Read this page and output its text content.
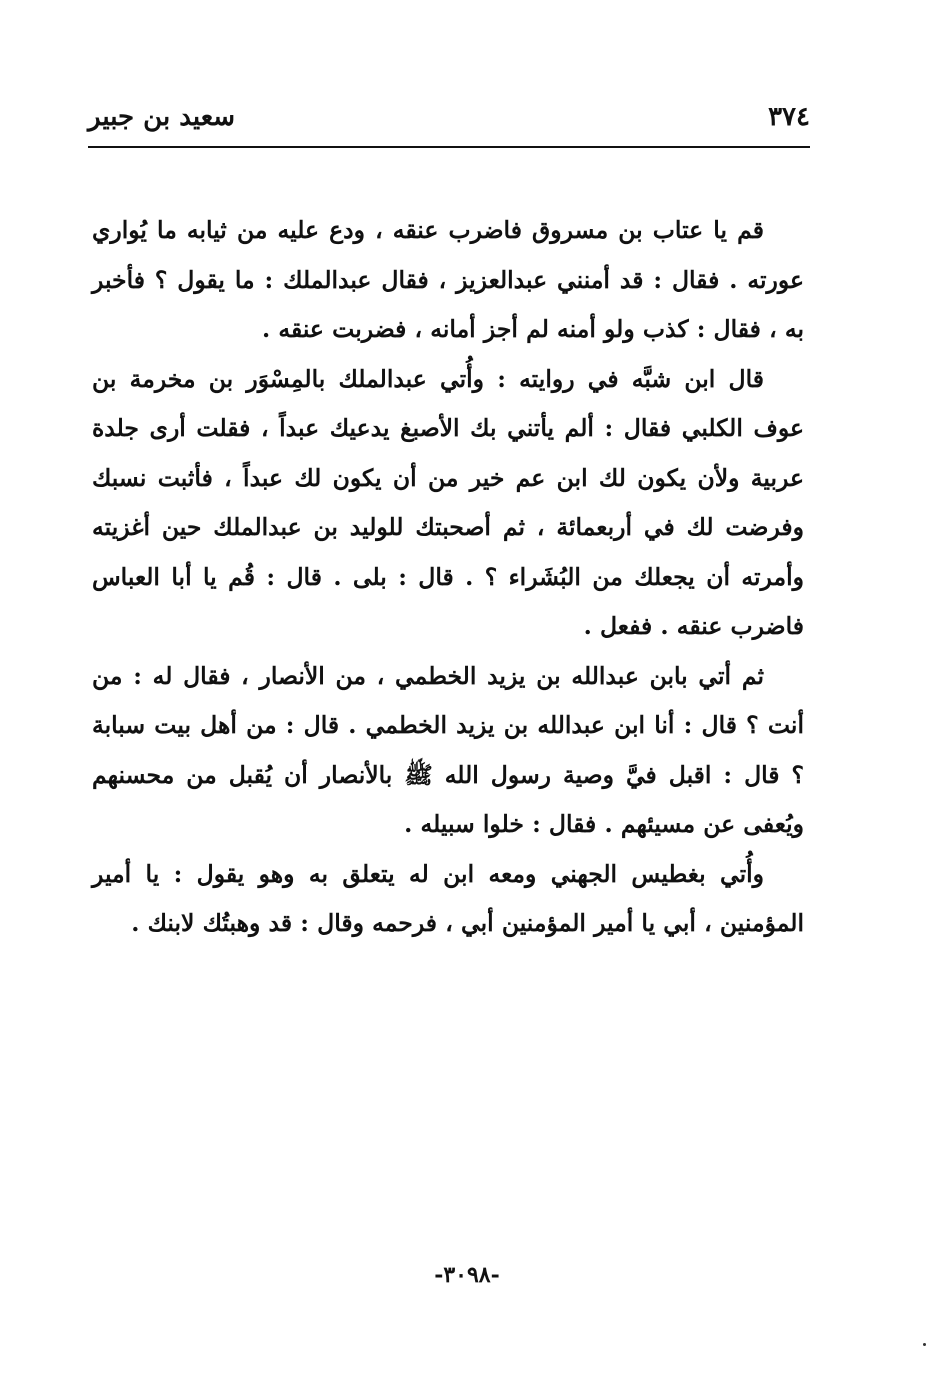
٣٧٤
سعيد بن جبير

قم يا عتاب بن مسروق فاضرب عنقه ، ودع عليه من ثيابه ما يُواري عورته . فقال : قد أمنني عبدالعزيز ، فقال عبدالملك : ما يقول ؟ فأخبر به ، فقال : كذب ولو أمنه لم أجز أمانه ، فضربت عنقه .

قال ابن شبَّه في روايته : وأُتي عبدالملك بالمِسْوَر بن مخرمة بن عوف الكلبي فقال : ألم يأتني بك الأصبغ يدعيك عبداً ، فقلت أرى جلدة عربية ولأن يكون لك ابن عم خير من أن يكون لك عبداً ، فأثبت نسبك وفرضت لك في أربعمائة ، ثم أصحبتك للوليد بن عبدالملك حين أغزيته وأمرته أن يجعلك من البُشَراء ؟ . قال : بلى . قال : قُم يا أبا العباس فاضرب عنقه . ففعل .

ثم أتي بابن عبدالله بن يزيد الخطمي ، من الأنصار ، فقال له : من أنت ؟ قال : أنا ابن عبدالله بن يزيد الخطمي . قال : من أهل بيت سبابة ؟ قال : اقبل فيَّ وصية رسول الله ﷺ بالأنصار أن يُقبل من محسنهم ويُعفى عن مسيئهم . فقال : خلوا سبيله .

وأُتي بغطيس الجهني ومعه ابن له يتعلق به وهو يقول : يا أمير المؤمنين ، أبي يا أمير المؤمنين أبي ، فرحمه وقال : قد وهبتُك لابنك .

-٣٠٩٨-
